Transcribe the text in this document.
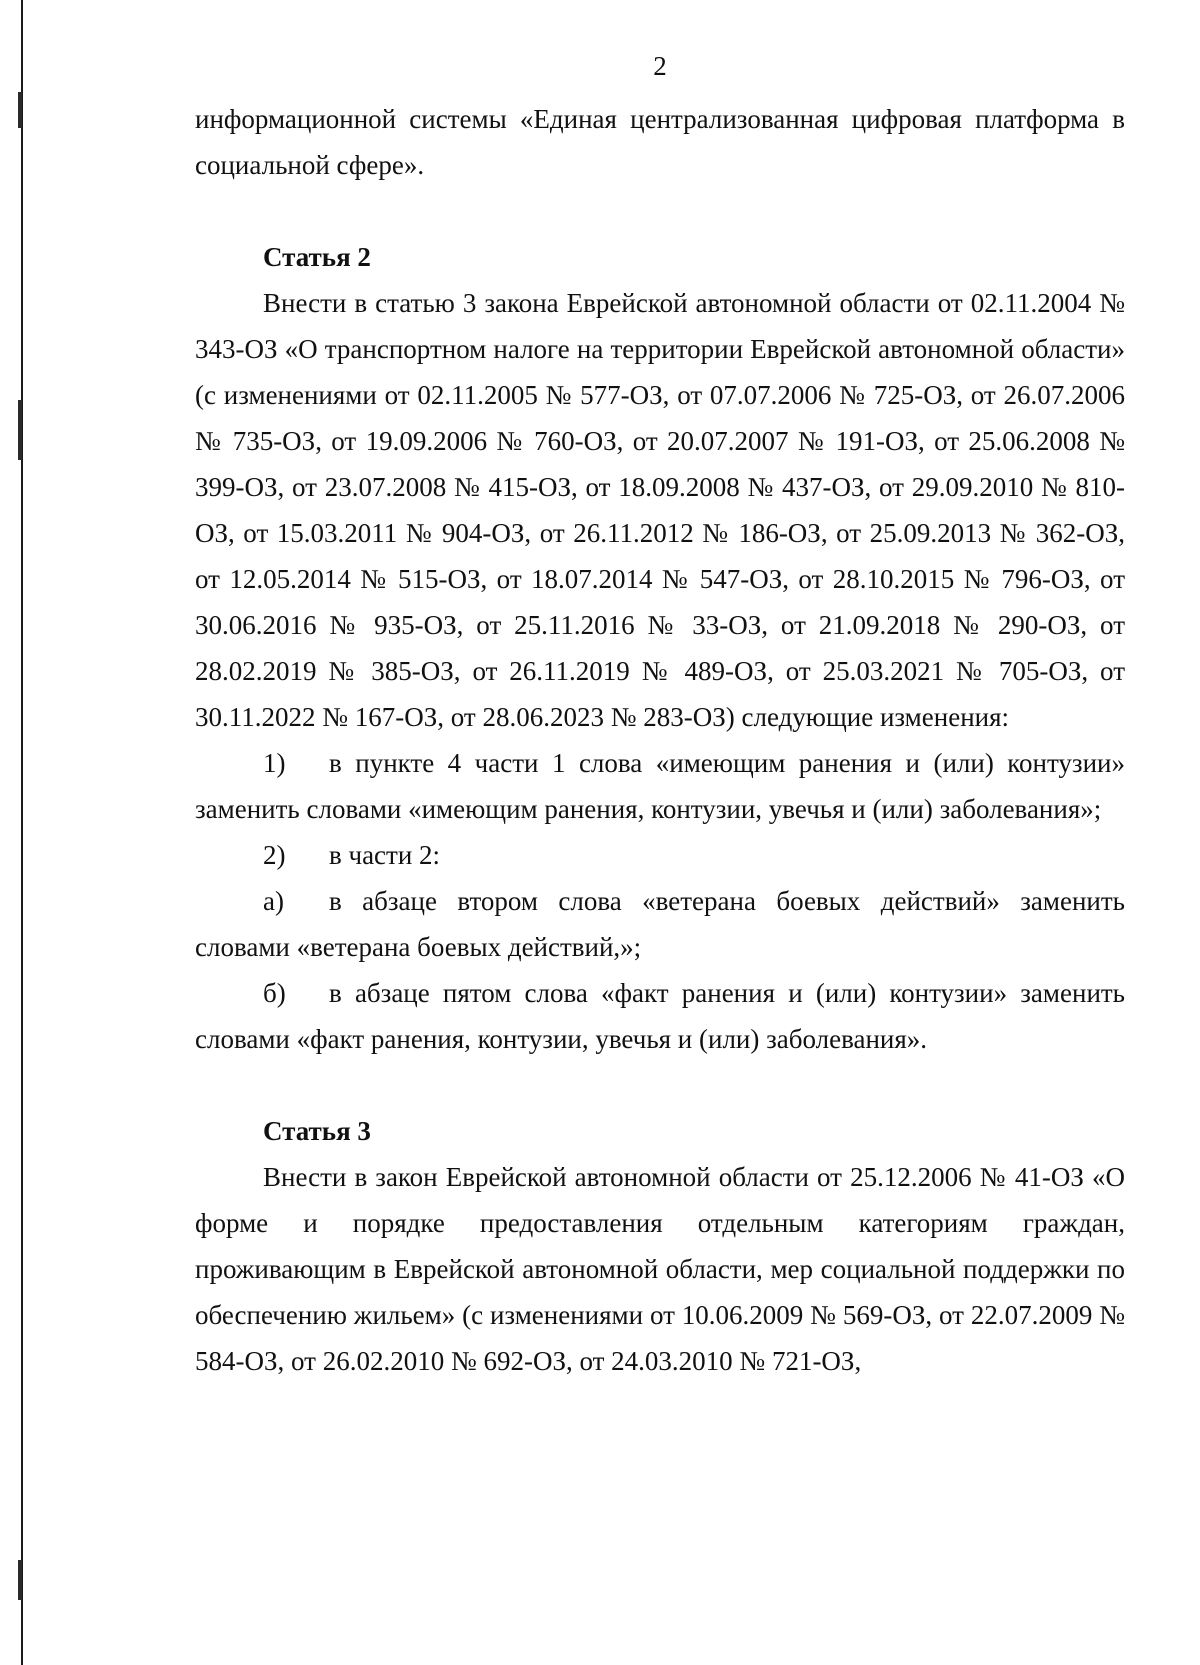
2

информационной системы «Единая централизованная цифровая платформа в социальной сфере».

Статья 2

Внести в статью 3 закона Еврейской автономной области от 02.11.2004 № 343-ОЗ «О транспортном налоге на территории Еврейской автономной области» (с изменениями от 02.11.2005 № 577-ОЗ, от 07.07.2006 № 725-ОЗ, от 26.07.2006 № 735-ОЗ, от 19.09.2006 № 760-ОЗ, от 20.07.2007 № 191-ОЗ, от 25.06.2008 № 399-ОЗ, от 23.07.2008 № 415-ОЗ, от 18.09.2008 № 437-ОЗ, от 29.09.2010 № 810-ОЗ, от 15.03.2011 № 904-ОЗ, от 26.11.2012 № 186-ОЗ, от 25.09.2013 № 362-ОЗ, от 12.05.2014 № 515-ОЗ, от 18.07.2014 № 547-ОЗ, от 28.10.2015 № 796-ОЗ, от 30.06.2016 № 935-ОЗ, от 25.11.2016 № 33-ОЗ, от 21.09.2018 № 290-ОЗ, от 28.02.2019 № 385-ОЗ, от 26.11.2019 № 489-ОЗ, от 25.03.2021 № 705-ОЗ, от 30.11.2022 № 167-ОЗ, от 28.06.2023 № 283-ОЗ) следующие изменения:

1)	в пункте 4 части 1 слова «имеющим ранения и (или) контузии»
заменить словами «имеющим ранения, контузии, увечья и (или) заболевания»;
2)	в части 2:
а)	в абзаце втором слова «ветерана боевых действий» заменить
словами «ветерана боевых действий,»;
б)	в абзаце пятом слова «факт ранения и (или) контузии» заменить
словами «факт ранения, контузии, увечья и (или) заболевания».
Статья 3

Внести в закон Еврейской автономной области от 25.12.2006 № 41-ОЗ «О форме и порядке предоставления отдельным категориям граждан, проживающим в Еврейской автономной области, мер социальной поддержки по обеспечению жильем» (с изменениями от 10.06.2009 № 569-ОЗ, от 22.07.2009 № 584-ОЗ, от 26.02.2010 № 692-ОЗ, от 24.03.2010 № 721-ОЗ,
